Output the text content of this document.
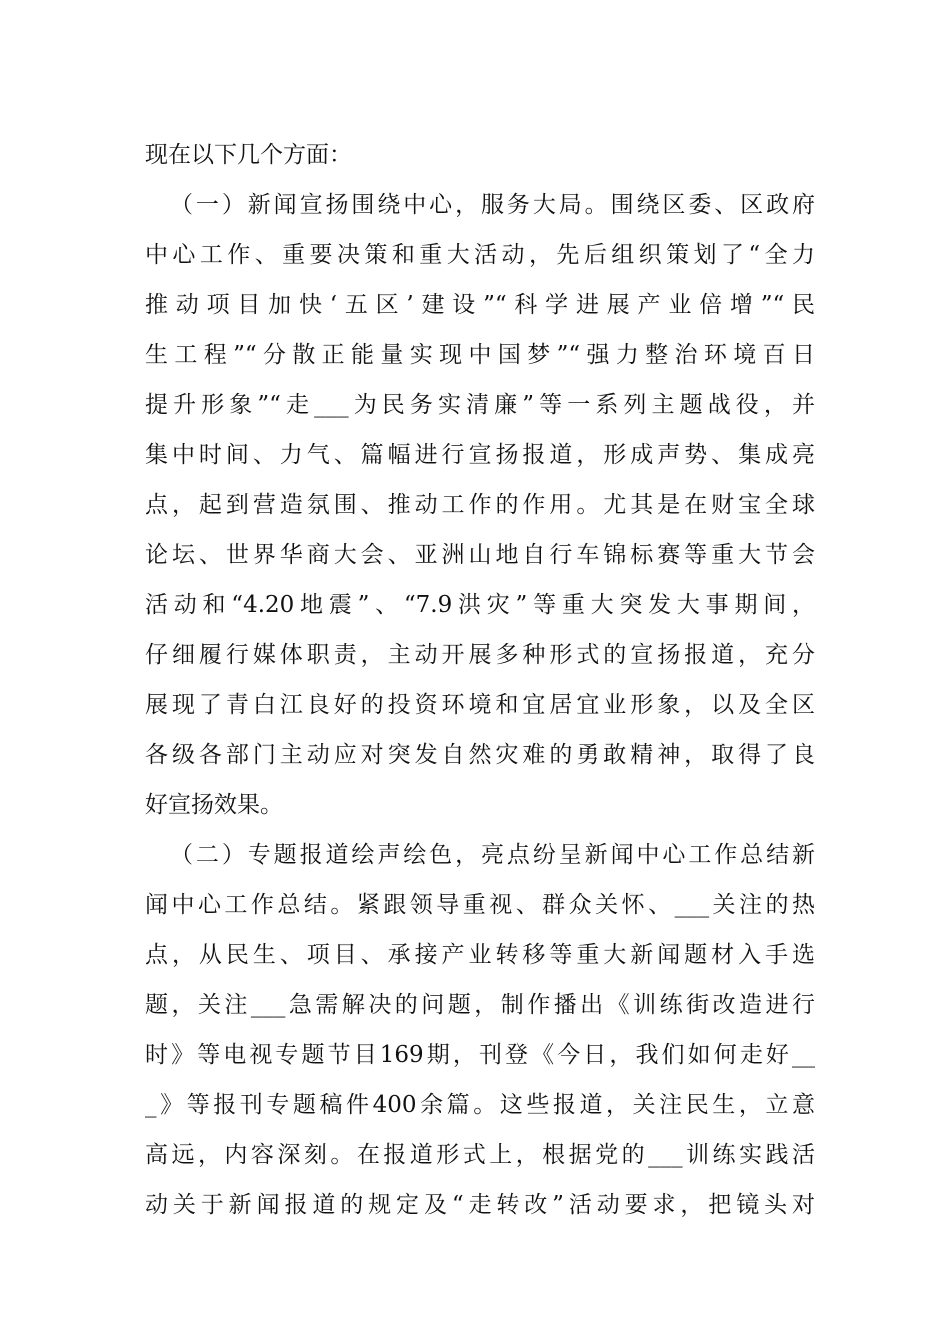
现在以下几个方面：
（一）新闻宣扬围绕中心，服务大局。围绕区委、区政府
中心工作、重要决策和重大活动，先后组织策划了“全力
推动项目加快‘五区’建设”“科学进展产业倍增”“民
生工程”“分散正能量实现中国梦”“强力整治环境百日
提升形象”“走___为民务实清廉”等一系列主题战役，并
集中时间、力气、篇幅进行宣扬报道，形成声势、集成亮
点，起到营造氛围、推动工作的作用。尤其是在财宝全球
论坛、世界华商大会、亚洲山地自行车锦标赛等重大节会
活动和“4.20地震”、“7.9洪灾”等重大突发大事期间，
仔细履行媒体职责，主动开展多种形式的宣扬报道，充分
展现了青白江良好的投资环境和宜居宜业形象，以及全区
各级各部门主动应对突发自然灾难的勇敢精神，取得了良
好宣扬效果。
（二）专题报道绘声绘色，亮点纷呈新闻中心工作总结新
闻中心工作总结。紧跟领导重视、群众关怀、___关注的热
点，从民生、项目、承接产业转移等重大新闻题材入手选
题，关注___急需解决的问题，制作播出《训练街改造进行
时》等电视专题节目169期，刊登《今日，我们如何走好__
_》等报刊专题稿件400余篇。这些报道，关注民生，立意
高远，内容深刻。在报道形式上，根据党的___训练实践活
动关于新闻报道的规定及“走转改”活动要求，把镜头对
